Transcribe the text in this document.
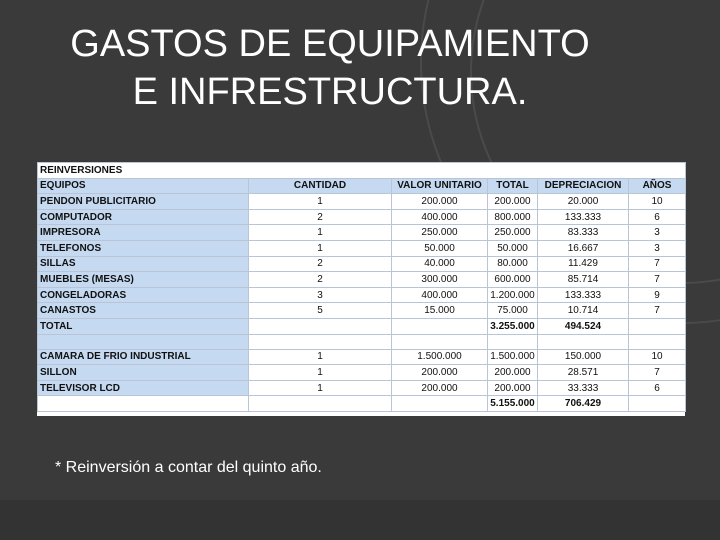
GASTOS DE EQUIPAMIENTO
E INFRESTRUCTURA.
REINVERSIONES					
EQUIPOS	CANTIDAD	VALOR UNITARIO	TOTAL	DEPRECIACION	AÑOS
PENDON PUBLICITARIO	1	200.000	200.000	20.000	10
COMPUTADOR	2	400.000	800.000	133.333	6
IMPRESORA	1	250.000	250.000	83.333	3
TELEFONOS	1	50.000	50.000	16.667	3
SILLAS	2	40.000	80.000	11.429	7
MUEBLES (MESAS)	2	300.000	600.000	85.714	7
CONGELADORAS	3	400.000	1.200.000	133.333	9
CANASTOS	5	15.000	75.000	10.714	7
TOTAL			3.255.000	494.524	

CAMARA DE FRIO INDUSTRIAL	1	1.500.000	1.500.000	150.000	10
SILLON	1	200.000	200.000	28.571	7
TELEVISOR LCD	1	200.000	200.000	33.333	6
			5.155.000	706.429	
* Reinversión a contar del quinto año.
